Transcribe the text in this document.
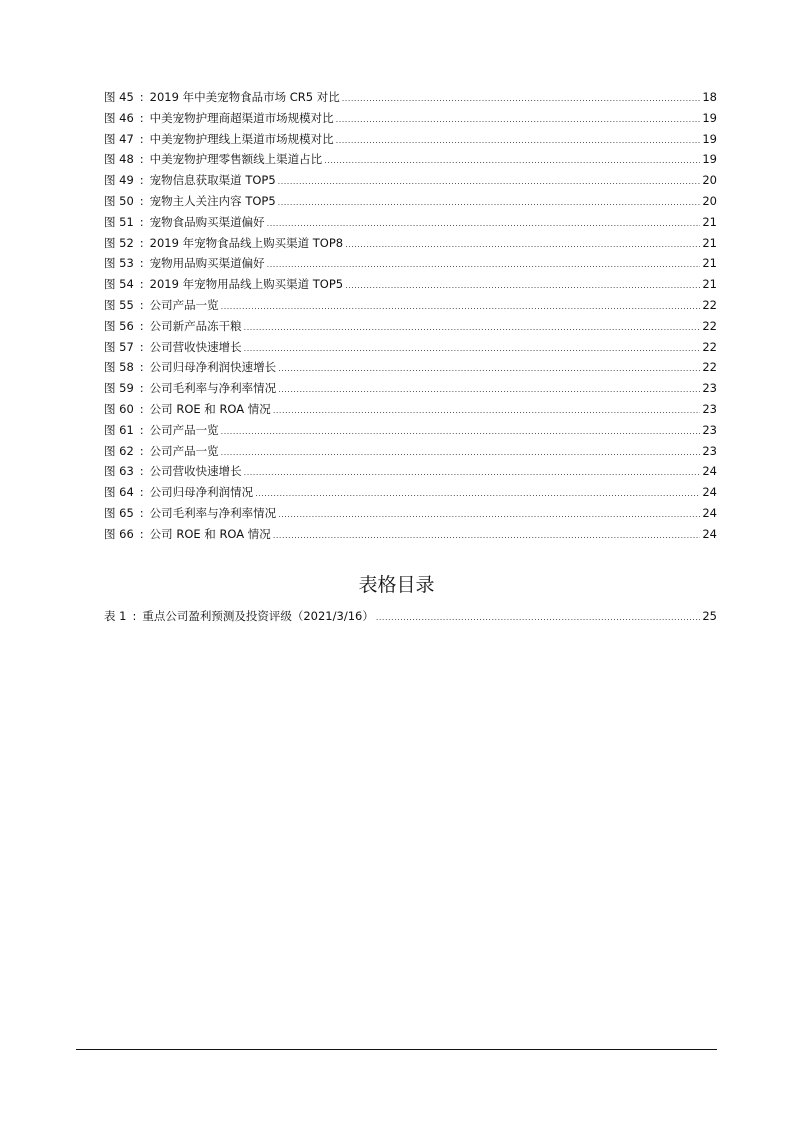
图 45 : 2019 年中美宠物食品市场 CR5 对比 .....	18
图 46 : 中美宠物护理商超渠道市场规模对比 .....	19
图 47 : 中美宠物护理线上渠道市场规模对比 .....	19
图 48 : 中美宠物护理零售额线上渠道占比 .....	19
图 49 : 宠物信息获取渠道 TOP5 .....	20
图 50 : 宠物主人关注内容 TOP5 .....	20
图 51 : 宠物食品购买渠道偏好 .....	21
图 52 : 2019 年宠物食品线上购买渠道 TOP8 .....	21
图 53 : 宠物用品购买渠道偏好 .....	21
图 54 : 2019 年宠物用品线上购买渠道 TOP5 .....	21
图 55 : 公司产品一览 .....	22
图 56 : 公司新产品冻干粮 .....	22
图 57 : 公司营收快速增长 .....	22
图 58 : 公司归母净利润快速增长 .....	22
图 59 : 公司毛利率与净利率情况 .....	23
图 60 : 公司 ROE 和 ROA 情况 .....	23
图 61 : 公司产品一览 .....	23
图 62 : 公司产品一览 .....	23
图 63 : 公司营收快速增长 .....	24
图 64 : 公司归母净利润情况 .....	24
图 65 : 公司毛利率与净利率情况 .....	24
图 66 : 公司 ROE 和 ROA 情况 .....	24
表格目录
表 1 : 重点公司盈利预测及投资评级（2021/3/16） .....	25
